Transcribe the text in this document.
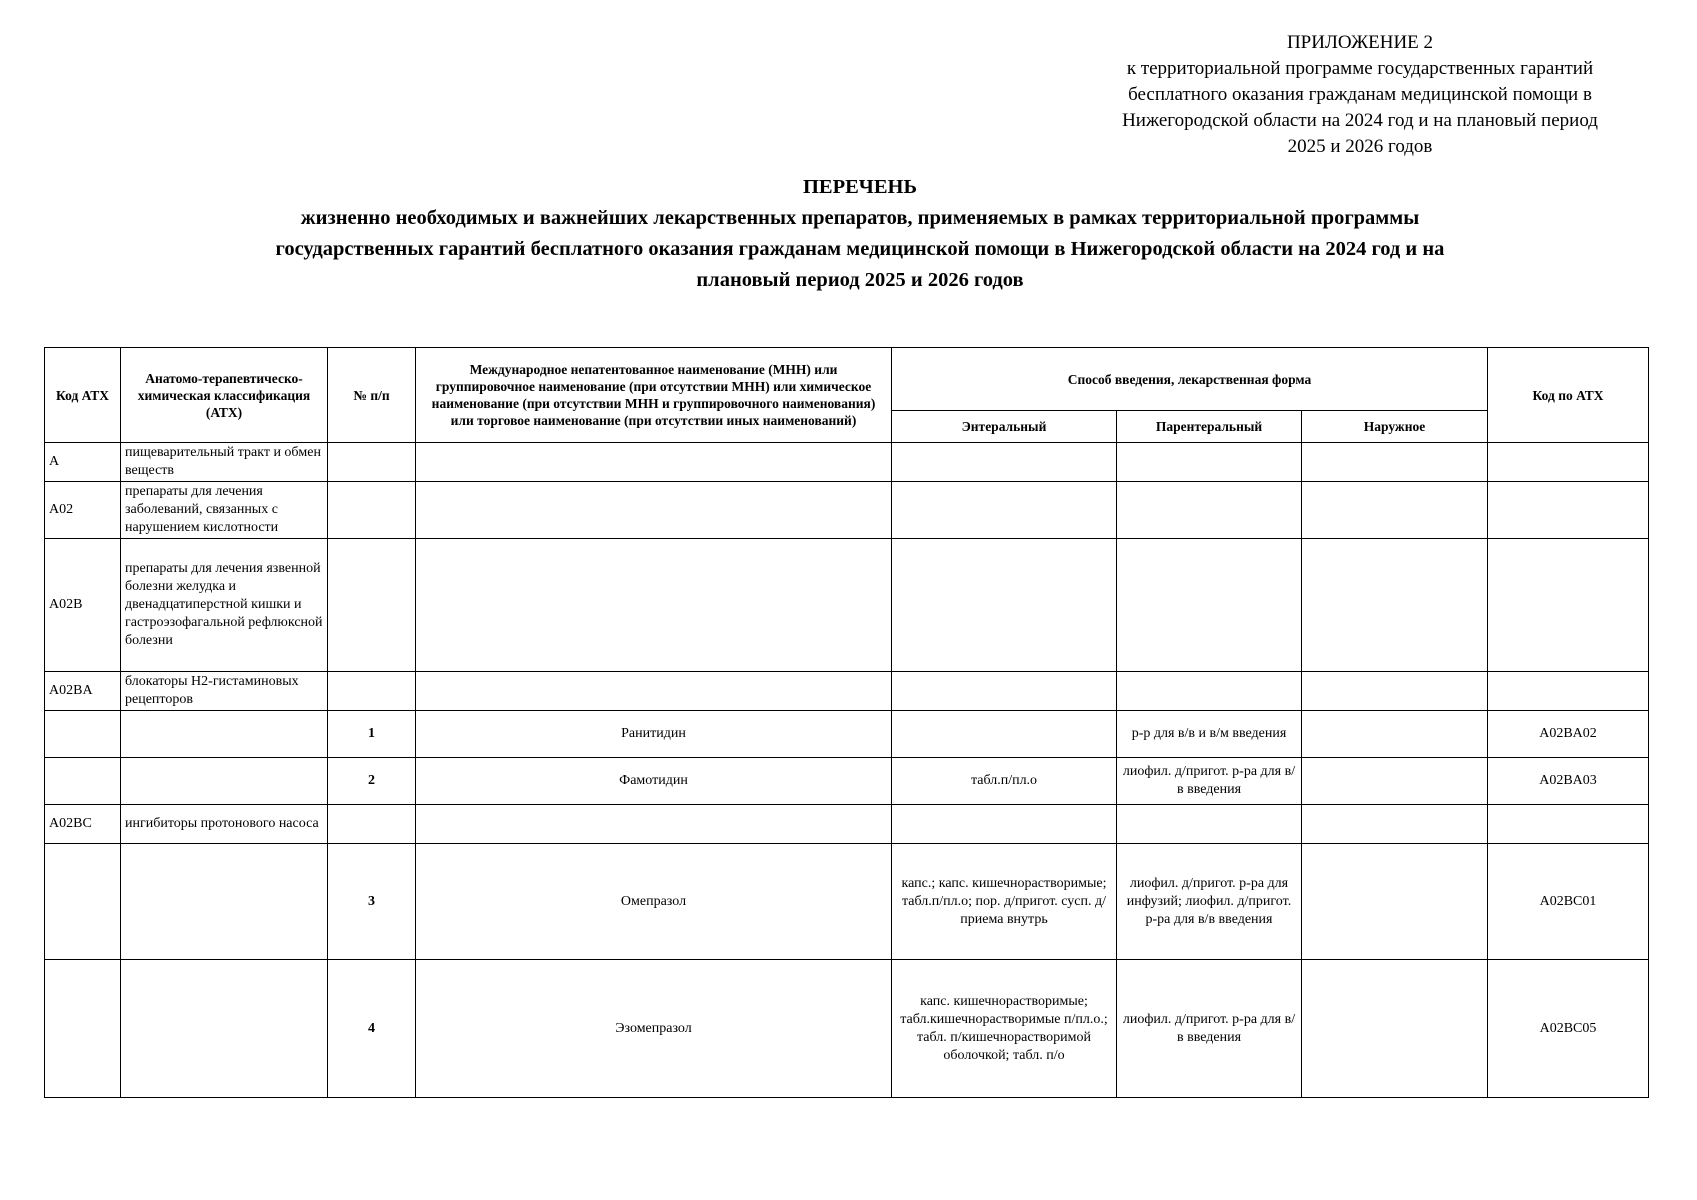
ПРИЛОЖЕНИЕ 2
к территориальной программе государственных гарантий
бесплатного оказания гражданам медицинской помощи в
Нижегородской области на 2024 год и на плановый период
2025 и 2026 годов
ПЕРЕЧЕНЬ
жизненно необходимых и важнейших лекарственных препаратов, применяемых в рамках территориальной программы
государственных гарантий бесплатного оказания гражданам медицинской помощи в Нижегородской области на 2024 год и на
плановый период 2025 и 2026 годов
Код АТХ	Анатомо-терапевтическо-химическая классификация (АТХ)	№ п/п	Международное непатентованное наименование (МНН) или группировочное наименование (при отсутствии МНН) или химическое наименование (при отсутствии МНН и группировочного наименования) или торговое наименование (при отсутствии иных наименований)	Способ введения, лекарственная форма			Код по АТХ
				Энтеральный	Парентеральный	Наружное	
A	пищеварительный тракт и обмен веществ						
A02	препараты для лечения заболеваний, связанных с нарушением кислотности						
A02B	препараты для лечения язвенной болезни желудка и двенадцатиперстной кишки и гастроэзофагальной рефлюксной болезни						
A02BA	блокаторы H2-гистаминовых рецепторов						
		1	Ранитидин		р-р для в/в и в/м введения		A02BA02
		2	Фамотидин	табл.п/пл.о	лиофил. д/пригот. р-ра для в/в введения		A02BA03
A02BC	ингибиторы протонового насоса						
		3	Омепразол	капс.; капс. кишечнорастворимые; табл.п/пл.о; пор. д/пригот. сусп. д/приема внутрь	лиофил. д/пригот. р-ра для инфузий; лиофил. д/пригот. р-ра для в/в введения		A02BC01
		4	Эзомепразол	капс. кишечнорастворимые; табл.кишечнорастворимые п/пл.о.; табл. п/кишечнорастворимой оболочкой; табл. п/о	лиофил. д/пригот. р-ра для в/в введения		A02BC05
